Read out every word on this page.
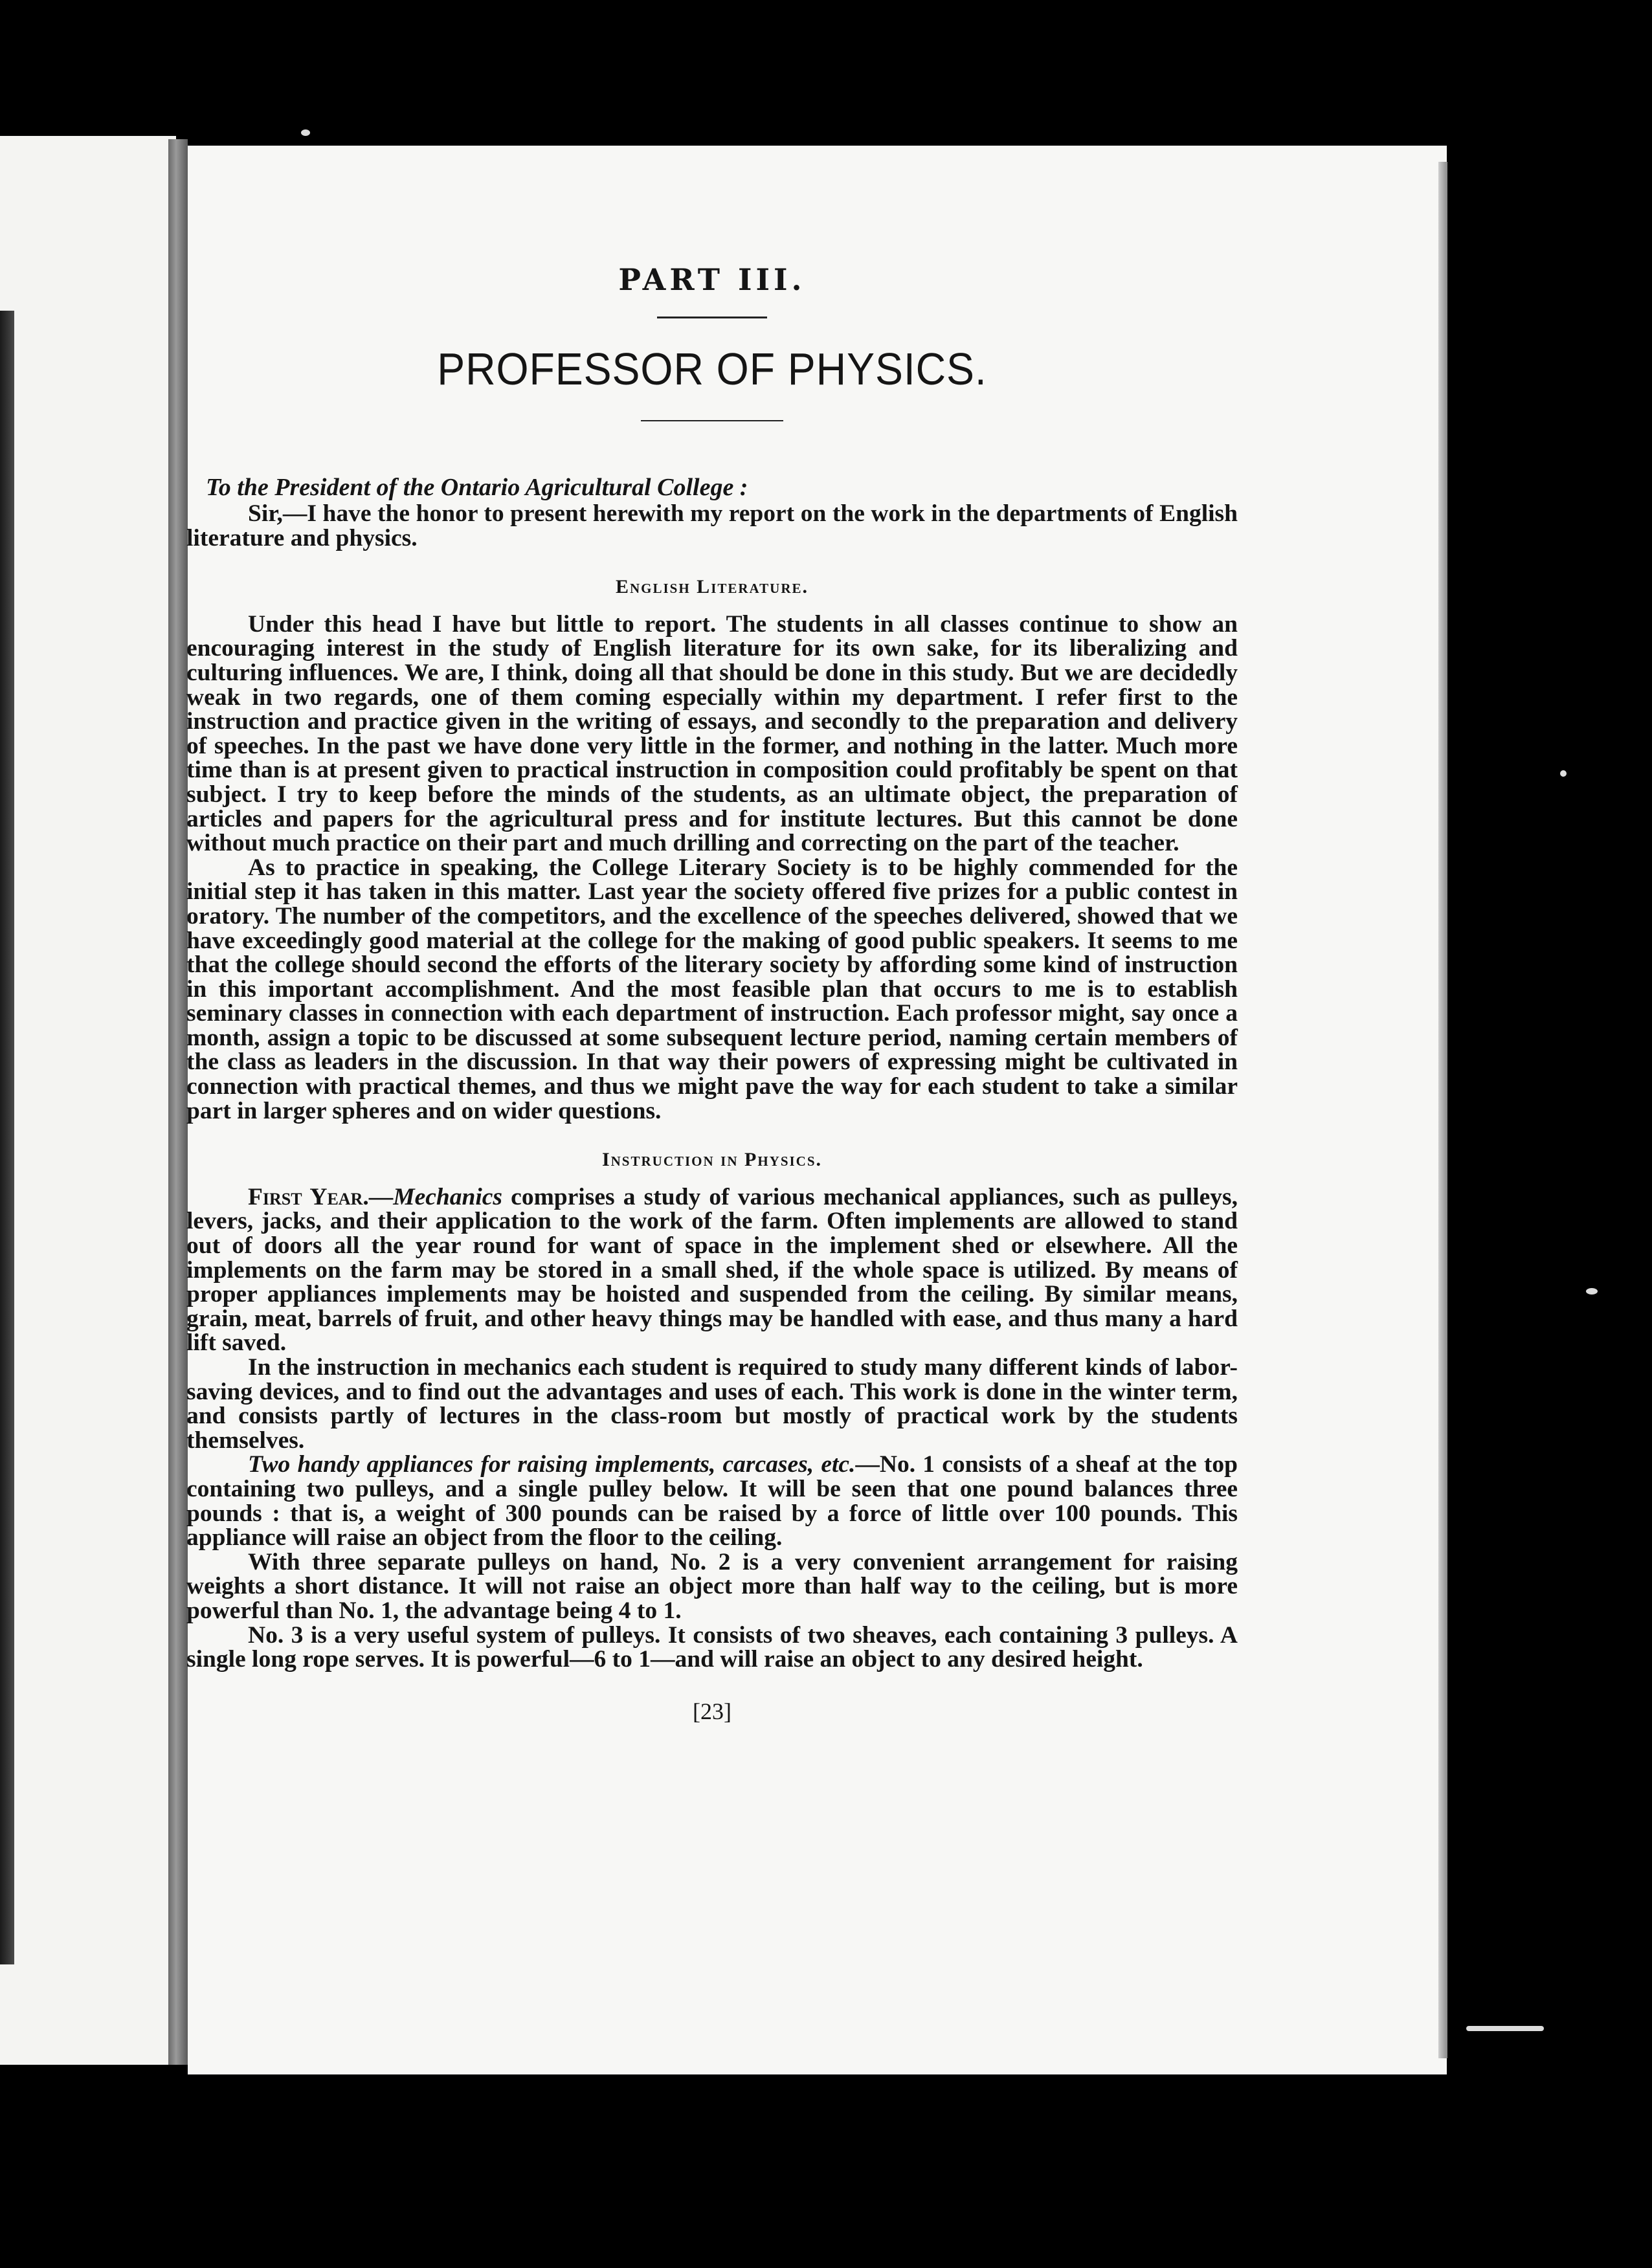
PART III.
PROFESSOR OF PHYSICS.
To the President of the Ontario Agricultural College :

Sir,—I have the honor to present herewith my report on the work in the departments of English literature and physics.

English Literature.

Under this head I have but little to report. The students in all classes continue to show an encouraging interest in the study of English literature for its own sake, for its liberalizing and culturing influences. We are, I think, doing all that should be done in this study. But we are decidedly weak in two regards, one of them coming especially within my department. I refer first to the instruction and practice given in the writing of essays, and secondly to the preparation and delivery of speeches. In the past we have done very little in the former, and nothing in the latter. Much more time than is at present given to practical instruction in composition could profitably be spent on that subject. I try to keep before the minds of the students, as an ultimate object, the preparation of articles and papers for the agricultural press and for institute lectures. But this cannot be done without much practice on their part and much drilling and correcting on the part of the teacher.

As to practice in speaking, the College Literary Society is to be highly commended for the initial step it has taken in this matter. Last year the society offered five prizes for a public contest in oratory. The number of the competitors, and the excellence of the speeches delivered, showed that we have exceedingly good material at the college for the making of good public speakers. It seems to me that the college should second the efforts of the literary society by affording some kind of instruction in this important accomplishment. And the most feasible plan that occurs to me is to establish seminary classes in connection with each department of instruction. Each professor might, say once a month, assign a topic to be discussed at some subsequent lecture period, naming certain members of the class as leaders in the discussion. In that way their powers of expressing might be cultivated in connection with practical themes, and thus we might pave the way for each student to take a similar part in larger spheres and on wider questions.

Instruction in Physics.

First Year.—Mechanics comprises a study of various mechanical appliances, such as pulleys, levers, jacks, and their application to the work of the farm. Often implements are allowed to stand out of doors all the year round for want of space in the implement shed or elsewhere. All the implements on the farm may be stored in a small shed, if the whole space is utilized. By means of proper appliances implements may be hoisted and suspended from the ceiling. By similar means, grain, meat, barrels of fruit, and other heavy things may be handled with ease, and thus many a hard lift saved.

In the instruction in mechanics each student is required to study many different kinds of labor-saving devices, and to find out the advantages and uses of each. This work is done in the winter term, and consists partly of lectures in the class-room but mostly of practical work by the students themselves.

Two handy appliances for raising implements, carcases, etc.—No. 1 consists of a sheaf at the top containing two pulleys, and a single pulley below. It will be seen that one pound balances three pounds : that is, a weight of 300 pounds can be raised by a force of little over 100 pounds. This appliance will raise an object from the floor to the ceiling.

With three separate pulleys on hand, No. 2 is a very convenient arrangement for raising weights a short distance. It will not raise an object more than half way to the ceiling, but is more powerful than No. 1, the advantage being 4 to 1.

No. 3 is a very useful system of pulleys. It consists of two sheaves, each containing 3 pulleys. A single long rope serves. It is powerful—6 to 1—and will raise an object to any desired height.

[23]
